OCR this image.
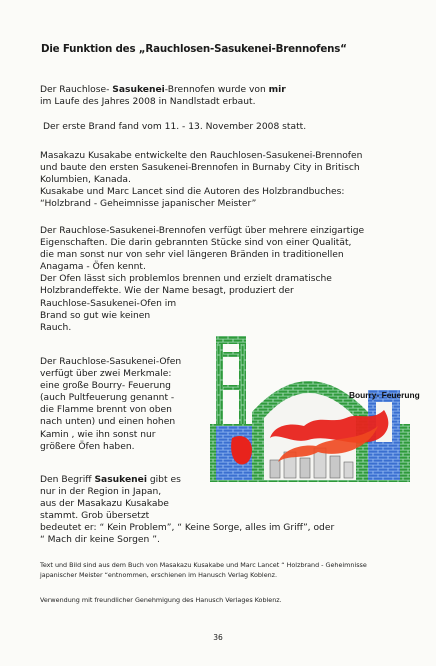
Die Funktion des „Rauchlosen-Sasukenei-Brennofens“
Der Rauchlose- Sasukenei-Brennofen wurde von mir
im Laufe des Jahres 2008 in Nandlstadt erbaut.
Der erste Brand fand vom 11. - 13. November 2008 statt.
Masakazu Kusakabe entwickelte den Rauchlosen-Sasukenei-Brennofen
und baute den ersten Sasukenei-Brennofen in Burnaby City in Britisch
Kolumbien, Kanada.
Kusakabe und Marc Lancet sind die Autoren des Holzbrandbuches:
“Holzbrand - Geheimnisse japanischer Meister”
Der Rauchlose-Sasukenei-Brennofen verfügt über mehrere einzigartige
Eigenschaften. Die darin gebrannten Stücke sind von einer Qualität,
die man sonst nur von sehr viel längeren Bränden in traditionellen
Anagama - Öfen kennt.
Der Ofen lässt sich problemlos brennen und erzielt dramatische
Holzbrandeffekte. Wie der Name besagt, produziert der
Rauchlose-Sasukenei-Ofen im
Brand so gut wie keinen
Rauch.
Der Rauchlose-Sasukenei-Ofen
verfügt über zwei Merkmale:
eine große Bourry- Feuerung
(auch Pultfeuerung genannt -
die Flamme brennt von oben
nach unten) und einen hohen
Kamin , wie ihn sonst nur
größere Öfen haben.
Den Begriff Sasukenei gibt es
nur in der Region in Japan,
aus der Masakazu Kusakabe
stammt. Grob übersetzt
bedeutet er: “ Kein Problem”, “ Keine Sorge, alles im Griff”, oder
“ Mach dir keine Sorgen ”.
Text und Bild sind aus dem Buch von Masakazu Kusakabe und Marc Lancet “ Holzbrand - Geheimnisse
japanischer Meister “entnommen, erschienen im Hanusch Verlag Koblenz.
Verwendung mit freundlicher Genehmigung des Hanusch Verlages Koblenz.
Bourry- Feuerung
36
